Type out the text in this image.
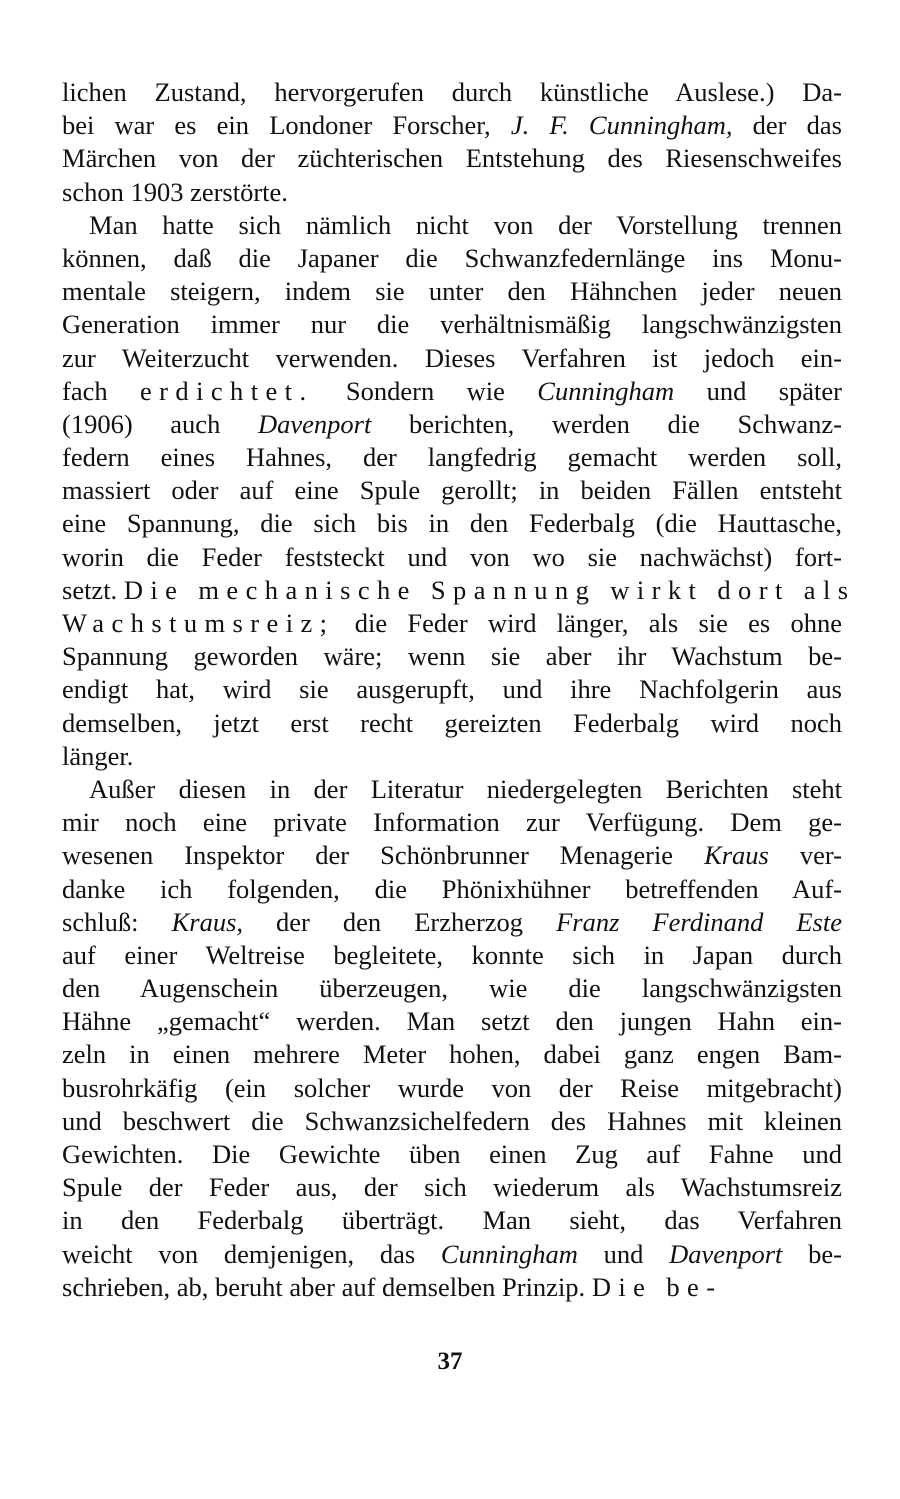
lichen Zustand, hervorgerufen durch künstliche Auslese.) Da-
bei war es ein Londoner Forscher, J. F. Cunningham, der das
Märchen von der züchterischen Entstehung des Riesenschweifes
schon 1903 zerstörte.
Man hatte sich nämlich nicht von der Vorstellung trennen
können, daß die Japaner die Schwanzfedernlänge ins Monu-
mentale steigern, indem sie unter den Hähnchen jeder neuen
Generation immer nur die verhältnismäßig langschwänzigsten
zur Weiterzucht verwenden. Dieses Verfahren ist jedoch ein-
fach erdichtet. Sondern wie Cunningham und später
(1906) auch Davenport berichten, werden die Schwanz-
federn eines Hahnes, der langfedrig gemacht werden soll,
massiert oder auf eine Spule gerollt; in beiden Fällen entsteht
eine Spannung, die sich bis in den Federbalg (die Hauttasche,
worin die Feder feststeckt und von wo sie nachwächst) fort-
setzt. Die mechanische Spannung wirkt dort als
Wachstumsreiz; die Feder wird länger, als sie es ohne
Spannung geworden wäre; wenn sie aber ihr Wachstum be-
endigt hat, wird sie ausgerupft, und ihre Nachfolgerin aus
demselben, jetzt erst recht gereizten Federbalg wird noch
länger.
Außer diesen in der Literatur niedergelegten Berichten steht
mir noch eine private Information zur Verfügung. Dem ge-
wesenen Inspektor der Schönbrunner Menagerie Kraus ver-
danke ich folgenden, die Phönixhühner betreffenden Auf-
schluß: Kraus, der den Erzherzog Franz Ferdinand Este
auf einer Weltreise begleitete, konnte sich in Japan durch
den Augenschein überzeugen, wie die langschwänzigsten
Hähne „gemacht“ werden. Man setzt den jungen Hahn ein-
zeln in einen mehrere Meter hohen, dabei ganz engen Bam-
busrohrkäfig (ein solcher wurde von der Reise mitgebracht)
und beschwert die Schwanzsichelfedern des Hahnes mit kleinen
Gewichten. Die Gewichte üben einen Zug auf Fahne und
Spule der Feder aus, der sich wiederum als Wachstumsreiz
in den Federbalg überträgt. Man sieht, das Verfahren
weicht von demjenigen, das Cunningham und Davenport be-
schrieben, ab, beruht aber auf demselben Prinzip. Die be-
37
